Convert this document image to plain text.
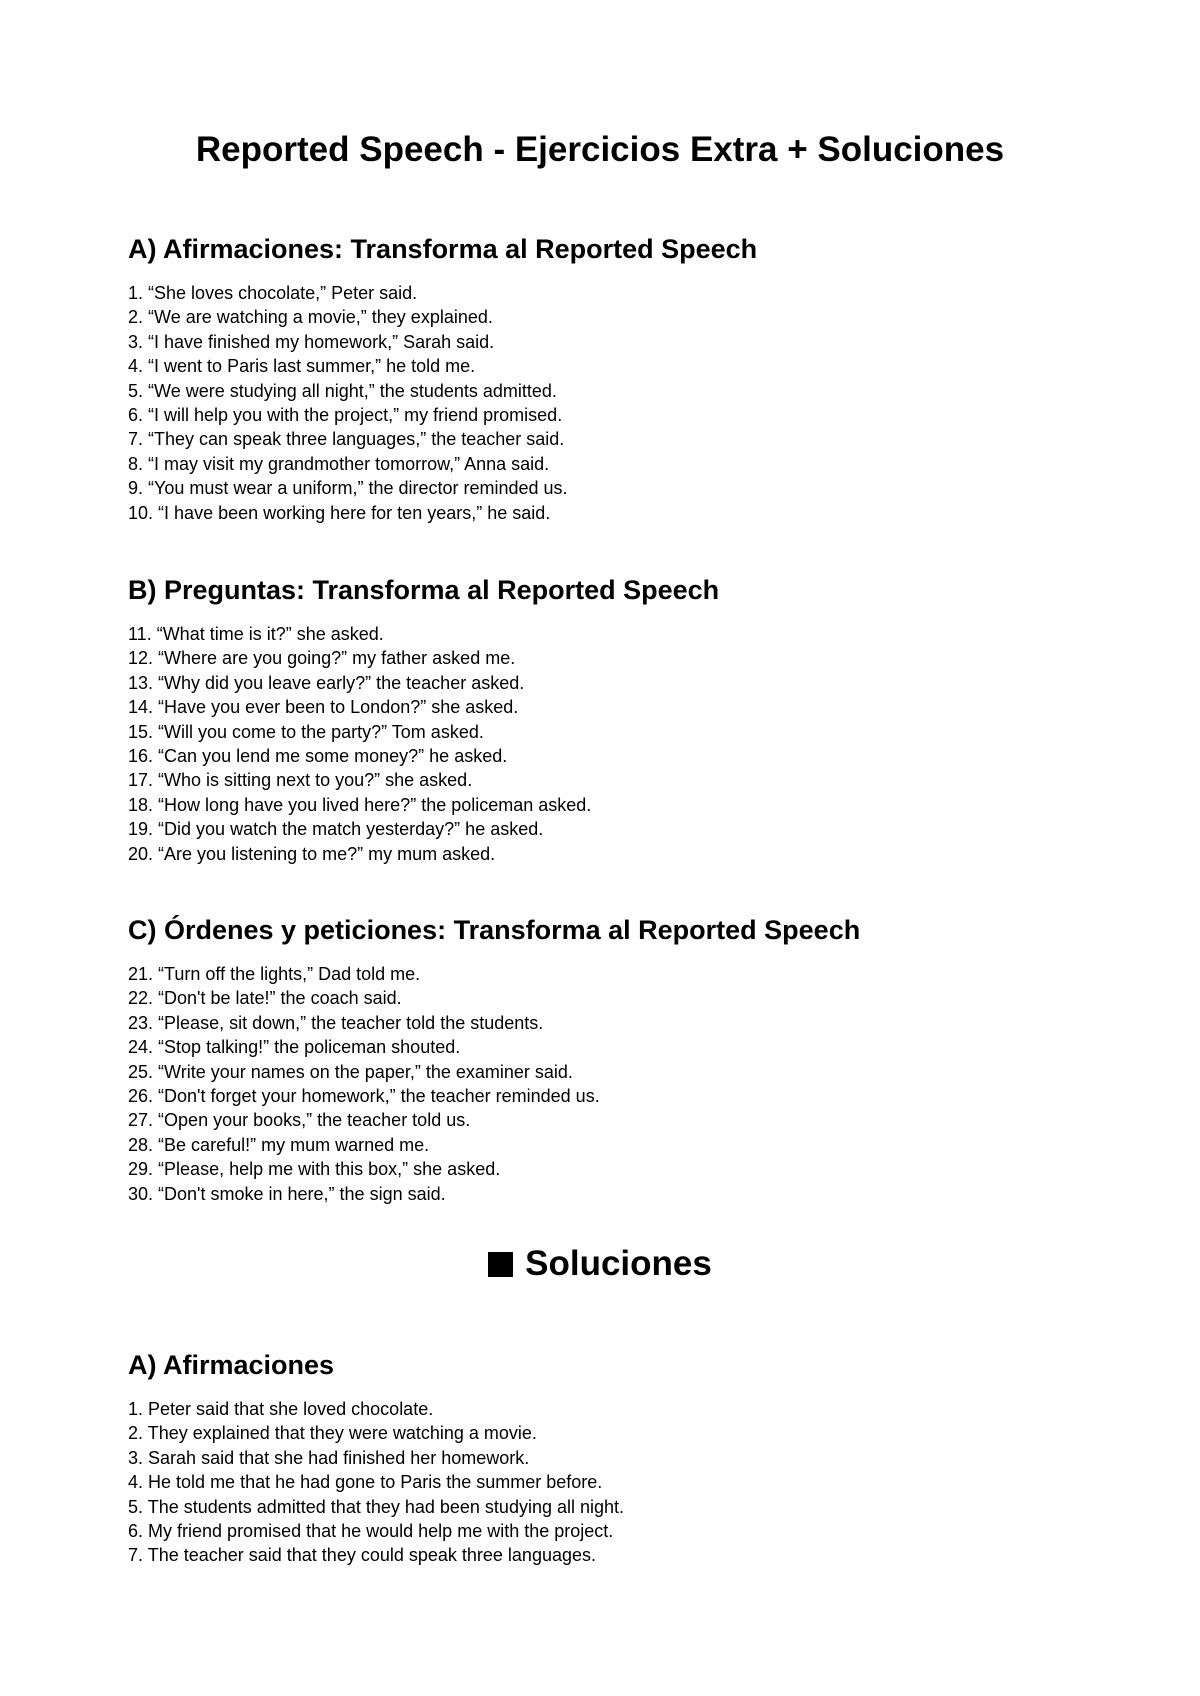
Reported Speech - Ejercicios Extra + Soluciones
A) Afirmaciones: Transforma al Reported Speech
1 . “She loves chocolate,” Peter said.
2 . “We are watching a movie,” they explained.
3 . “I have finished my homework,” Sarah said.
4 . “I went to Paris last summer,” he told me.
5 . “We were studying all night,” the students admitted.
6 . “I will help you with the project,” my friend promised.
7 . “They can speak three languages,” the teacher said.
8 . “I may visit my grandmother tomorrow,” Anna said.
9 . “You must wear a uniform,” the director reminded us.
10 . “I have been working here for ten years,” he said.
B) Preguntas: Transforma al Reported Speech
11 . “What time is it?” she asked.
12 . “Where are you going?” my father asked me.
13 . “Why did you leave early?” the teacher asked.
14 . “Have you ever been to London?” she asked.
15 . “Will you come to the party?” Tom asked.
16 . “Can you lend me some money?” he asked.
17 . “Who is sitting next to you?” she asked.
18 . “How long have you lived here?” the policeman asked.
19 . “Did you watch the match yesterday?” he asked.
20 . “Are you listening to me?” my mum asked.
C) Órdenes y peticiones: Transforma al Reported Speech
21 . “Turn off the lights,” Dad told me.
22 . “Don't be late!” the coach said.
23 . “Please, sit down,” the teacher told the students.
24 . “Stop talking!” the policeman shouted.
25 . “Write your names on the paper,” the examiner said.
26 . “Don't forget your homework,” the teacher reminded us.
27 . “Open your books,” the teacher told us.
28 . “Be careful!” my mum warned me.
29 . “Please, help me with this box,” she asked.
30 . “Don't smoke in here,” the sign said.
Soluciones
A) Afirmaciones
1 . Peter said that she loved chocolate.
2 . They explained that they were watching a movie.
3 . Sarah said that she had finished her homework.
4 . He told me that he had gone to Paris the summer before.
5 . The students admitted that they had been studying all night.
6 . My friend promised that he would help me with the project.
7 . The teacher said that they could speak three languages.
